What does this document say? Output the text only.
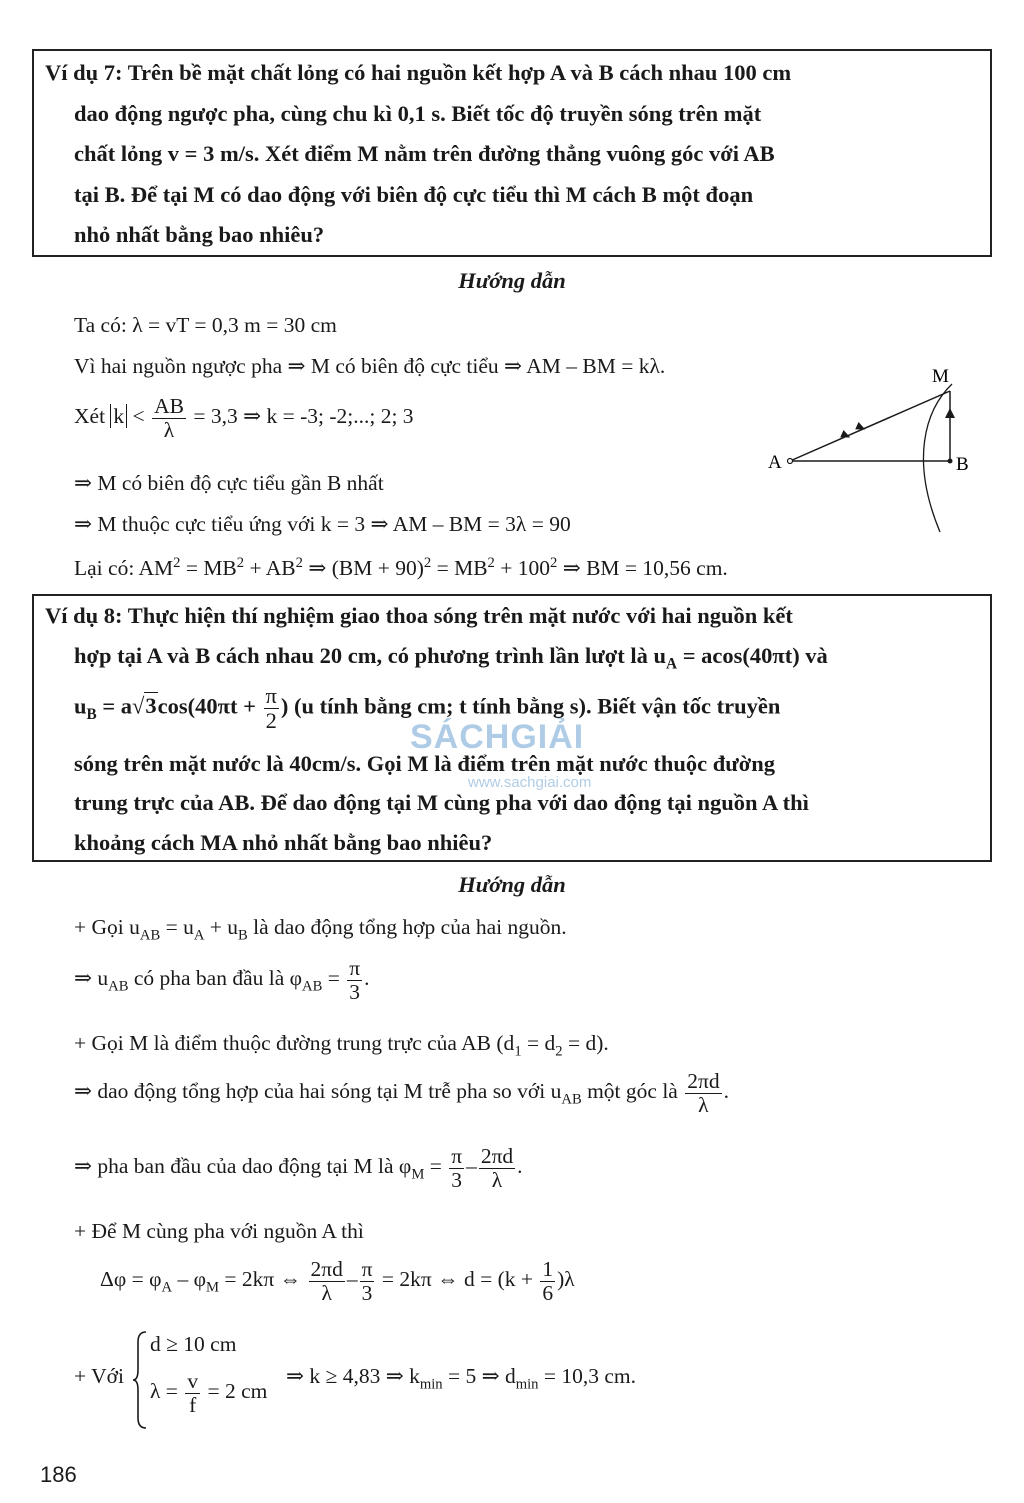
Ví dụ 7: Trên bề mặt chất lỏng có hai nguồn kết hợp A và B cách nhau 100 cm
dao động ngược pha, cùng chu kì 0,1 s. Biết tốc độ truyền sóng trên mặt
chất lỏng v = 3 m/s. Xét điểm M nằm trên đường thẳng vuông góc với AB
tại B. Để tại M có dao động với biên độ cực tiểu thì M cách B một đoạn
nhỏ nhất bằng bao nhiêu?
Hướng dẫn
Ta có: λ = vT = 0,3 m = 30 cm
Vì hai nguồn ngược pha ⇒ M có biên độ cực tiểu ⇒ AM – BM = kλ.
Xét $k < \frac{AB}{\lambda} = 3,3$ ⇒ k = -3; -2;...; 2; 3
⇒ M có biên độ cực tiểu gần B nhất
⇒ M thuộc cực tiểu ứng với k = 3 ⇒ AM – BM = 3λ = 90
Lại có: $AM^2 = MB^2 + AB^2$ ⇒ $(BM + 90)^2 = MB^2 + 100^2$ ⇒ BM = 10,56 cm.
M
A	B
Ví dụ 8: Thực hiện thí nghiệm giao thoa sóng trên mặt nước với hai nguồn kết
hợp tại A và B cách nhau 20 cm, có phương trình lần lượt là $u_A = acos(40\pi t)$ và
$u_B = a√3\cos(40\pi t + \frac{\pi}{2}$ ) (u tính bằng cm; t tính bằng s). Biết vận tốc truyền
sóng trên mặt nước là 40cm/s. Gọi M là điểm trên mặt nước thuộc đường
trung trực của AB. Để dao động tại M cùng pha với dao động tại nguồn A thì
khoảng cách MA nhỏ nhất bằng bao nhiêu?
SÁCHGIẢI
www.sachgiai.com
Hướng dẫn
+ Gọi $u_{AB} = u_A + u_B$ là dao động tổng hợp của hai nguồn.
⇒ $u_{AB}$ có pha ban đầu là $\varphi_{AB} = \frac{\pi}{3}$ .
+ Gọi M là điểm thuộc đường trung trực của AB $(d_1 = d_2 = d)$.
⇒ dao động tổng hợp của hai sóng tại M trễ pha so với $u_{AB}$ một góc là $\frac{2\pi d}{\lambda}$ .
⇒ pha ban đầu của dao động tại M là $\varphi_M = \frac{\pi}{3} - \frac{2\pi d}{\lambda}$ .
+ Để M cùng pha với nguồn A thì
$\Delta\varphi = \varphi_A - \varphi_M = 2k\pi$ ⇔ $\frac{2\pi d}{\lambda} - \frac{\pi}{3} = 2k\pi$ ⇔ $d = (k + \frac{1}{6} )\lambda$
+ Với
d ≥ 10 cm
$\lambda = \frac{v}{f} = 2$ cm
⇒ k ≥ 4,83 ⇒ $k_{min} = 5$ ⇒ $d_{min} = 10,3$ cm.
186
